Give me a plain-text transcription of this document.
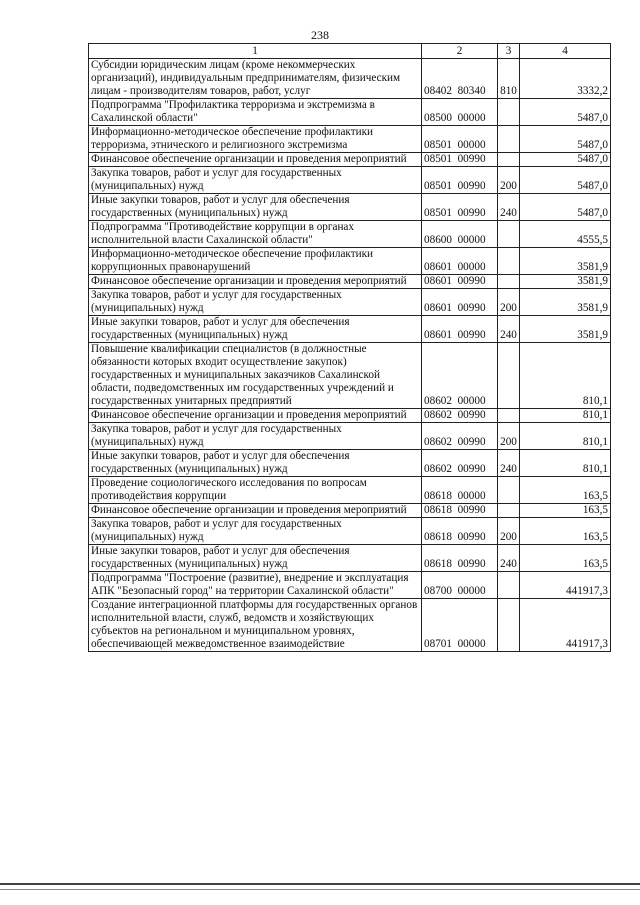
238
1	2	3	4
Субсидии юридическим лицам (кроме некоммерческих организаций), индивидуальным предпринимателям, физическим лицам - производителям товаров, работ, услуг	08402  80340	810	3332,2
Подпрограмма "Профилактика терроризма и экстремизма в Сахалинской области"	08500  00000		5487,0
Информационно-методическое обеспечение профилактики терроризма, этнического и религиозного экстремизма	08501  00000		5487,0
Финансовое обеспечение организации и проведения мероприятий	08501  00990		5487,0
Закупка товаров, работ и услуг для государственных (муниципальных) нужд	08501  00990	200	5487,0
Иные закупки товаров, работ и услуг для обеспечения государственных (муниципальных) нужд	08501  00990	240	5487,0
Подпрограмма "Противодействие коррупции в органах исполнительной власти Сахалинской области"	08600  00000		4555,5
Информационно-методическое обеспечение профилактики коррупционных правонарушений	08601  00000		3581,9
Финансовое обеспечение организации и проведения мероприятий	08601  00990		3581,9
Закупка товаров, работ и услуг для государственных (муниципальных) нужд	08601  00990	200	3581,9
Иные закупки товаров, работ и услуг для обеспечения государственных (муниципальных) нужд	08601  00990	240	3581,9
Повышение квалификации специалистов (в должностные обязанности которых входит осуществление закупок) государственных и муниципальных заказчиков Сахалинской области, подведомственных им государственных учреждений и государственных унитарных предприятий	08602  00000		810,1
Финансовое обеспечение организации и проведения мероприятий	08602  00990		810,1
Закупка товаров, работ и услуг для государственных (муниципальных) нужд	08602  00990	200	810,1
Иные закупки товаров, работ и услуг для обеспечения государственных (муниципальных) нужд	08602  00990	240	810,1
Проведение социологического исследования по вопросам противодействия коррупции	08618  00000		163,5
Финансовое обеспечение организации и проведения мероприятий	08618  00990		163,5
Закупка товаров, работ и услуг для государственных (муниципальных) нужд	08618  00990	200	163,5
Иные закупки товаров, работ и услуг для обеспечения государственных (муниципальных) нужд	08618  00990	240	163,5
Подпрограмма "Построение (развитие), внедрение и эксплуатация АПК "Безопасный город" на территории Сахалинской области"	08700  00000		441917,3
Создание интеграционной платформы для государственных органов исполнительной власти, служб, ведомств и хозяйствующих субъектов на региональном и муниципальном уровнях, обеспечивающей межведомственное взаимодействие	08701  00000		441917,3
